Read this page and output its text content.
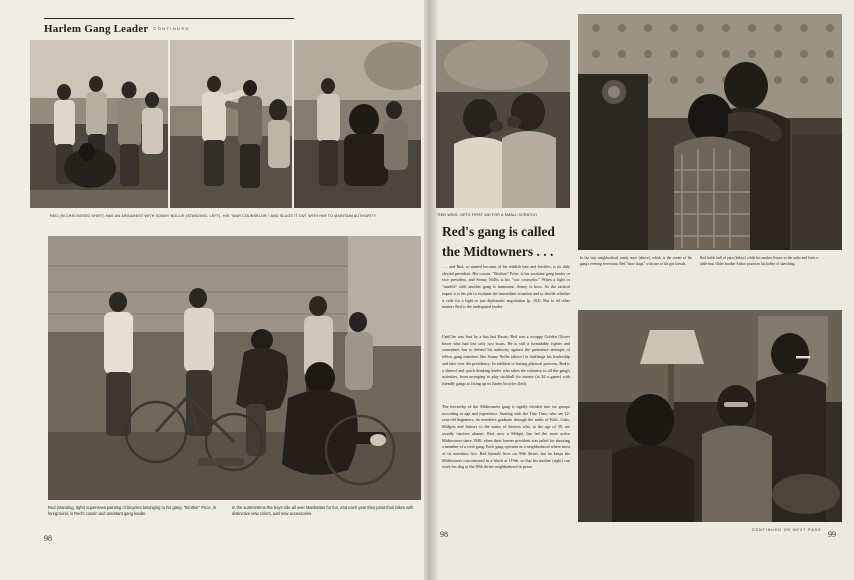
Harlem Gang Leader CONTINUED
RED (IN CHECKERED SHIRT) HAS AN ARGUMENT WITH SONNY NOLLIS (STANDING, LEFT), HIS "WAR COUNSELOR," AND SLUGS IT OUT WITH HIM TO MAINTAIN AUTHORITY
Red (standing, right) supervises painting of bicycles belonging to his gang. "Brother" Price, in foreground, is Red's cousin and assistant gang leader.
In the summertime the boys ride all over Manhattan for fun, and each year they paint their bikes with distinctive new colors, add new accessories.
98
RED WINS, GETS FIRST AID FOR A SMALL SCRATCH
Red's gang is called
the Midtowners . . .
. . . and Red, so named because of his reddish hair and freckles, is its duly elected president. His cousin, "Brother" Price, is his assistant gang leader or vice president, and Sonny Nollis is his "war counselor." When a fight or "rumble" with another gang is imminent, Sonny is boss. As the tactical expert it is his job to evaluate the immediate situation and to decide whether it calls for a fight or just diplomatic negotiation (p. 102). But to all other matters Red is the undisputed leader.
Until he was hurt by a bus last Easter, Red was a scrappy Golden Gloves boxer who had lost only two bouts. He is still a formidable fighter and sometimes has to defend his authority against the premature attempts of fellow gang members like Sonny Nollis (above) to challenge his leadership and take over the presidency. In addition to having physical prowess, Red is a shrewd and quick-thinking leader who takes the initiative in all the gang's activities, from arranging to play stickball for money (at $2 a game) with friendly gangs to fixing up its flashy bicycles (left).
The hierarchy of the Midtowners gang is rigidly divided into six groups according to age and experience. Starting with the Tiny Tims, who are 12-year-old beginners, its members graduate through the ranks of Kids, Cubs, Midgets and Juniors to the status of Seniors who, at the age of 30, are usually inactive alumni. Red, now a Midget, has led the most active Midtowners since 1946, when their former president was jailed for shooting a member of a rival gang. Each gang operates in a neighborhood where most of its members live. Red himself lives on 99th Street, but he keeps his Midtowners concentrated in a block at 119th, so that his mother (right) can work her dog in the 99th Street neighborhood in peace.
In the tiny neighborhood candy store (above), which is the center of his gang's evening recreation, Red "slow drags" with one of his girl friends.
Red holds bull of yarn (below) while his mother listens to the radio and knits a table mat. Older brother Arthur practices his hobby of sketching.
CONTINUED ON NEXT PAGE
98	99
